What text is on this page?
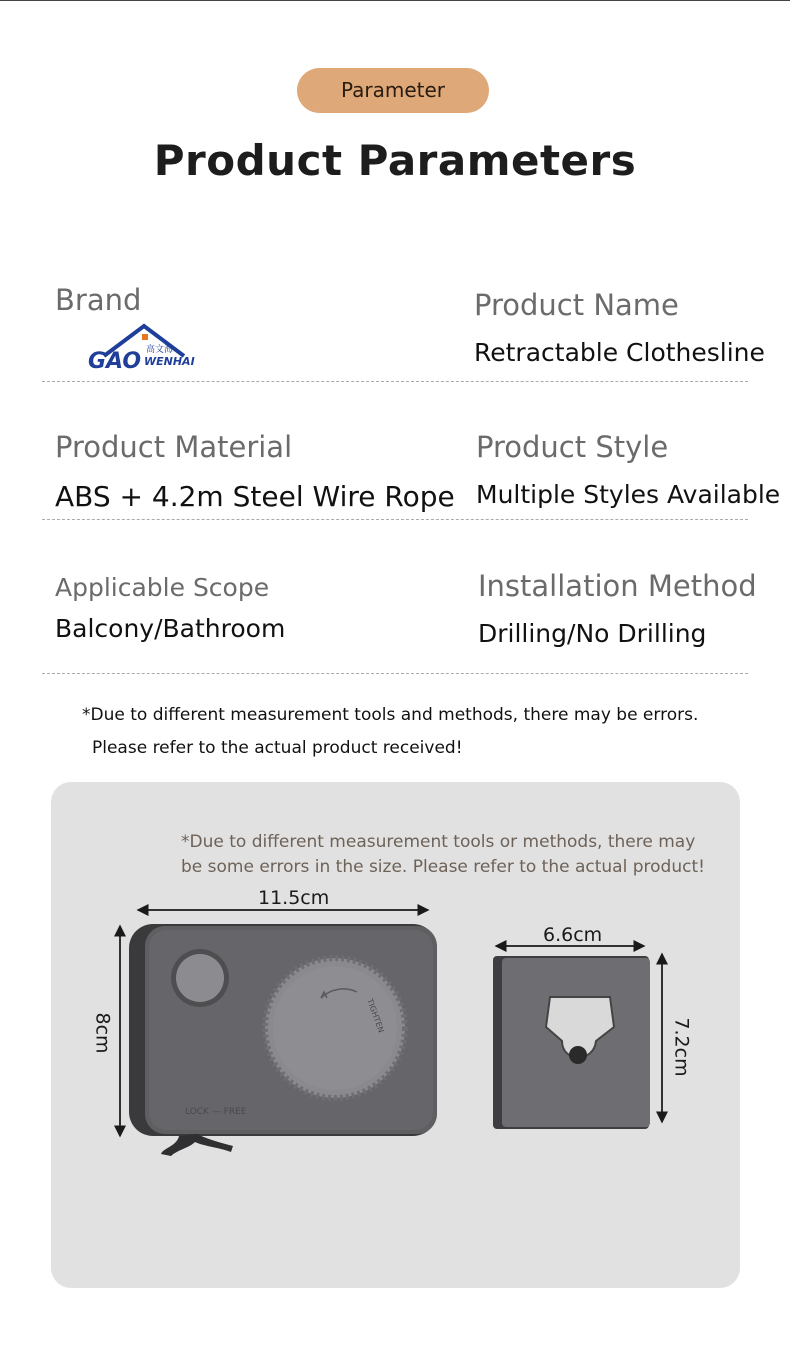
Parameter
Product Parameters
Brand
GAO 高文海
WENHAI
Product Name
Retractable Clothesline
Product Material
ABS + 4.2m Steel Wire Rope
Product Style
Multiple Styles Available
Applicable Scope
Balcony/Bathroom
Installation Method
Drilling/No Drilling
*Due to different measurement tools and methods, there may be errors.
Please refer to the actual product received!
*Due to different measurement tools or methods, there may
be some errors in the size. Please refer to the actual product!
11.5cm
6.6cm
8cm	7.2cm
TIGHTEN
LOCK — FREE
